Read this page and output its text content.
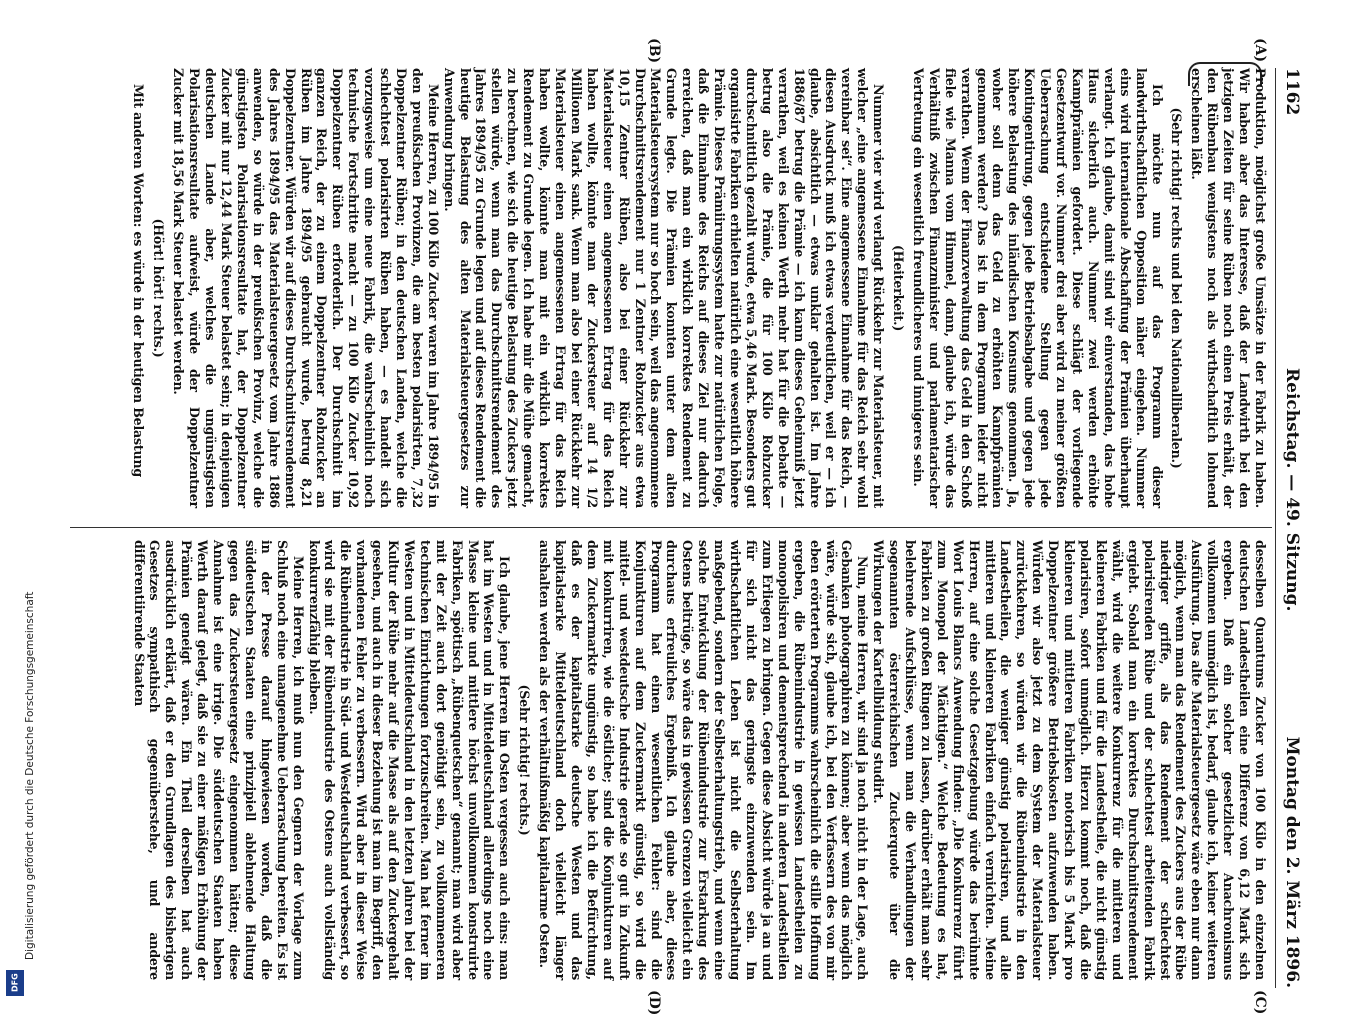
1162
Reichstag. — 49. Sitzung.
Montag den 2. März 1896.
(A)
(B)
(C)
(D)

Produktion, möglichst große Umsätze in der Fabrik zu haben. Wir haben aber das Interesse, daß der Landwirth bei den jetzigen Zeiten für seine Rüben noch einen Preis erhält, der den Rübenbau wenigstens noch als wirthschaftlich lohnend erscheinen läßt.

(Sehr richtig! rechts und bei den Nationalliberalen.)

Ich möchte nun auf das Programm dieser landwirthschaftlichen Opposition näher eingehen. Nummer eins wird internationale Abschaffung der Prämien überhaupt verlangt. Ich glaube, damit sind wir einverstanden, das hohe Haus sicherlich auch. Nummer zwei werden erhöhte Kampfprämien gefordert. Diese schlägt der vorliegende Gesetzentwurf vor. Nummer drei aber wird zu meiner größten Ueberraschung entschiedene Stellung gegen jede Kontingentirung, gegen jede Betriebsabgabe und gegen jede höhere Belastung des inländischen Konsums genommen. Ja, woher soll denn das Geld zu erhöhten Kampfprämien genommen werden? Das ist in dem Programm leider nicht verrathen. Wenn der Finanzverwaltung das Geld in den Schoß fiele wie Manna vom Himmel, dann, glaube ich, würde das Verhältniß zwischen Finanzminister und parlamentarischer Vertretung ein wesentlich freundlicheres und innigeres sein.

(Heiterkeit.)

Nummer vier wird verlangt Rückkehr zur Materialsteuer, mit welcher „eine angemessene Einnahme für das Reich sehr wohl vereinbar sei“. Eine angemessene Einnahme für das Reich, — diesen Ausdruck muß ich etwas verdeutlichen, weil er — ich glaube, absichtlich — etwas unklar gehalten ist. Im Jahre 1886/87 betrug die Prämie — ich kann dieses Geheimniß jetzt verrathen, weil es keinen Werth mehr hat für die Debatte — betrug also die Prämie, die für 100 Kilo Rohzucker durchschnittlich gezahlt wurde, etwa 5,46 Mark. Besonders gut organisirte Fabriken erhielten natürlich eine wesentlich höhere Prämie. Dieses Prämiirungssystem hatte zur natürlichen Folge, daß die Einnahme des Reichs auf dieses Ziel nur dadurch erreichen, daß man ein wirklich korrektes Rendement zu Grunde legte. Die Prämien konnten unter dem alten Materialsteuersystem nur so hoch sein, weil das angenommene Durchschnittsrendement nur 1 Zentner Rohzucker aus etwa 10,15 Zentner Rüben, also bei einer Rückkehr zur Materialsteuer einen angemessenen Ertrag für das Reich haben wollte, könnte man der Zuckersteuer auf 14 1/2 Millionen Mark sank. Wenn man also bei einer Rückkehr zur Materialsteuer einen angemessenen Ertrag für das Reich haben wollte, könnte man mit ein wirklich korrektes Rendement zu Grunde legen. Ich habe mir die Mühe gemacht, zu berechnen, wie sich die heutige Belastung des Zuckers jetzt stellen würde, wenn man das Durchschnittsrendement des Jahres 1894/95 zu Grunde legen und auf dieses Rendement die heutige Belastung des alten Materialsteuergesetzes zur Anwendung bringen.

Meine Herren, zu 100 Kilo Zucker waren im Jahre 1894/95 in den preußischen Provinzen, die am besten polarisirten, 7,32 Doppelzentner Rüben; in den deutschen Landen, welche die schlechtest polarisirten Rüben haben, — es handelt sich vorzugsweise um eine neue Fabrik, die wahrscheinlich noch technische Fortschritte macht — zu 100 Kilo Zucker 10,92 Doppelzentner Rüben erforderlich. Der Durchschnitt im ganzen Reich, der zu einem Doppelzentner Rohzucker an Rüben im Jahre 1894/95 gebraucht wurde, betrug 8,21 Doppelzentner. Würden wir auf dieses Durchschnittsrendement des Jahres 1894/95 das Materialsteuergesetz vom Jahre 1886 anwenden, so würde in der preußischen Provinz, welche die günstigsten Polarisationsresultate hat, der Doppelzentner Zucker mit nur 12,44 Mark Steuer belastet sein; in denjenigen deutschen Lande aber, welches die ungünstigsten Polarisationsresultate aufweist, würde der Doppelzentner Zucker mit 18,56 Mark Steuer belastet werden.

(Hört! hört! rechts.)

Mit anderen Worten: es würde in der heutigen Belastung

desselben Quantums Zucker von 100 Kilo in den einzelnen deutschen Landestheilen eine Differenz von 6,12 Mark sich ergeben. Daß ein solcher gesetzlicher Anachronismus vollkommen unmöglich ist, bedarf, glaube ich, keiner weiteren Ausführung. Das alte Materialsteuergesetz wäre eben nur dann möglich, wenn man das Rendement des Zuckers aus der Rübe niedriger griffe, als das Rendement der schlechtest polarisirenden Rübe und der schlechtest arbeitenden Fabrik ergiebt. Sobald man ein korrektes Durchschnittsrendement wählt, wird die weitere Konkurrenz für die mittleren und kleineren Fabriken und für die Landestheile, die nicht günstig polarisiren, sofort unmöglich. Hierzu kommt noch, daß die kleineren und mittleren Fabriken notorisch bis 5 Mark pro Doppelzentner größere Betriebskosten aufzuwenden haben. Würden wir also jetzt zu dem System der Materialsteuer zurückkehren, so würden wir die Rübenindustrie in den Landestheilen, die weniger günstig polarisiren, und alle mittleren und kleineren Fabriken einfach vernichten. Meine Herren, auf eine solche Gesetzgebung würde das berühmte Wort Louis Blancs Anwendung finden: „Die Konkurrenz führt zum Monopol der Mächtigen.“ Welche Bedeutung es hat, Fabriken zu großen Ringen zu lassen, darüber erhält man sehr belehrende Aufschlüsse, wenn man die Verhandlungen der sogenannten österreichischen Zuckerquote über die Wirkungen der Kartellbildung studirt.

Nun, meine Herren, wir sind ja noch nicht in der Lage, auch Gebanken photographiren zu können; aber wenn das möglich wäre, würde sich, glaube ich, bei den Verfassern des von mir eben erörterten Programms wahrscheinlich die stille Hoffnung ergeben, die Rübenindustrie in gewissen Landestheilen zu monopolisiren und dementsprechend in anderen Landestheilen zum Erliegen zu bringen. Gegen diese Absicht würde ja an und für sich nicht das geringste einzuwenden sein. Im wirthschaftlichen Leben ist nicht die Selbsterhaltung maßgebend, sondern der Selbsterhaltungstrieb, und wenn eine solche Entwicklung der Rübenindustrie zur Erstarkung des Ostens beitrüge, so wäre das in gewissen Grenzen vielleicht ein durchaus erfreuliches Ergebniß. Ich glaube aber, dieses Programm hat einen wesentlichen Fehler: sind die Konjunkturen auf dem Zuckermarkt günstig, so wird die mittel- und westdeutsche Industrie gerade so gut in Zukunft mit konkurriren, wie die östliche; sind die Konjunkturen auf dem Zuckermarkte ungünstig, so habe ich die Befürchtung, daß es der kapitalstarke deutsche Westen und das kapitalstarke Mitteldeutschland doch vielleicht länger aushalten werden als der verhältnißmäßig kapitalarme Osten.

(Sehr richtig! rechts.)

Ich glaube, jene Herren im Osten vergessen auch eins: man hat im Westen und in Mitteldeutschland allerdings noch eine Masse kleine und mittlere höchst unvollkommen konstruirte Fabriken, spöttisch „Rübenquetschen“ genannt; man wird aber mit der Zeit auch dort genöthigt sein, zu vollkommeneren technischen Einrichtungen fortzuschreiten. Man hat ferner im Westen und in Mitteldeutschland in den letzten Jahren bei der Kultur der Rübe mehr auf die Masse als auf den Zuckergehalt gesehen, und auch in dieser Beziehung ist man im Begriff, den vorhandenen Fehler zu verbessern. Wird aber in dieser Weise die Rübenindustrie in Süd- und Westdeutschland verbessert, so wird sie mit der Rübenindustrie des Ostens auch vollständig konkurrenzfähig bleiben.

Meine Herren, ich muß nun den Gegnern der Vorlage zum Schluß noch eine unangenehme Ueberraschung bereiten. Es ist in der Presse darauf hingewiesen worden, daß die süddeutschen Staaten eine prinzipiell ablehnende Haltung gegen das Zuckersteuergesetz eingenommen hätten; diese Annahme ist eine irrige. Die süddeutschen Staaten haben Werth darauf gelegt, daß sie zu einer mäßigen Erhöhung der Prämien geneigt wären. Ein Theil derselben hat auch ausdrücklich erklärt, daß er den Grundlagen des bisherigen Gesetzes sympathisch gegenüberstehe, und andere differentiirende Staaten

Digitalisierung gefördert durch die Deutsche Forschungsgemeinschaft
DFG
